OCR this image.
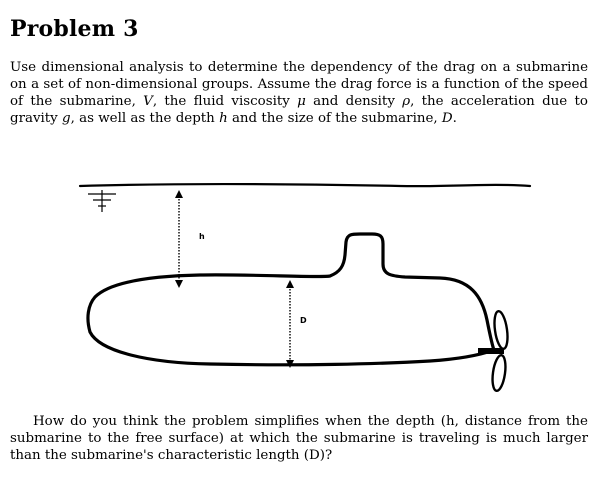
Problem 3

Use dimensional analysis to determine the dependency of the drag on a submarine on a set of non-dimensional groups. Assume the drag force is a function of the speed of the submarine, V, the fluid viscosity μ and density ρ, the acceleration due to gravity g, as well as the depth h and the size of the submarine, D.

h
D

How do you think the problem simplifies when the depth (h, distance from the submarine to the free surface) at which the submarine is traveling is much larger than the submarine's characteristic length (D)?
